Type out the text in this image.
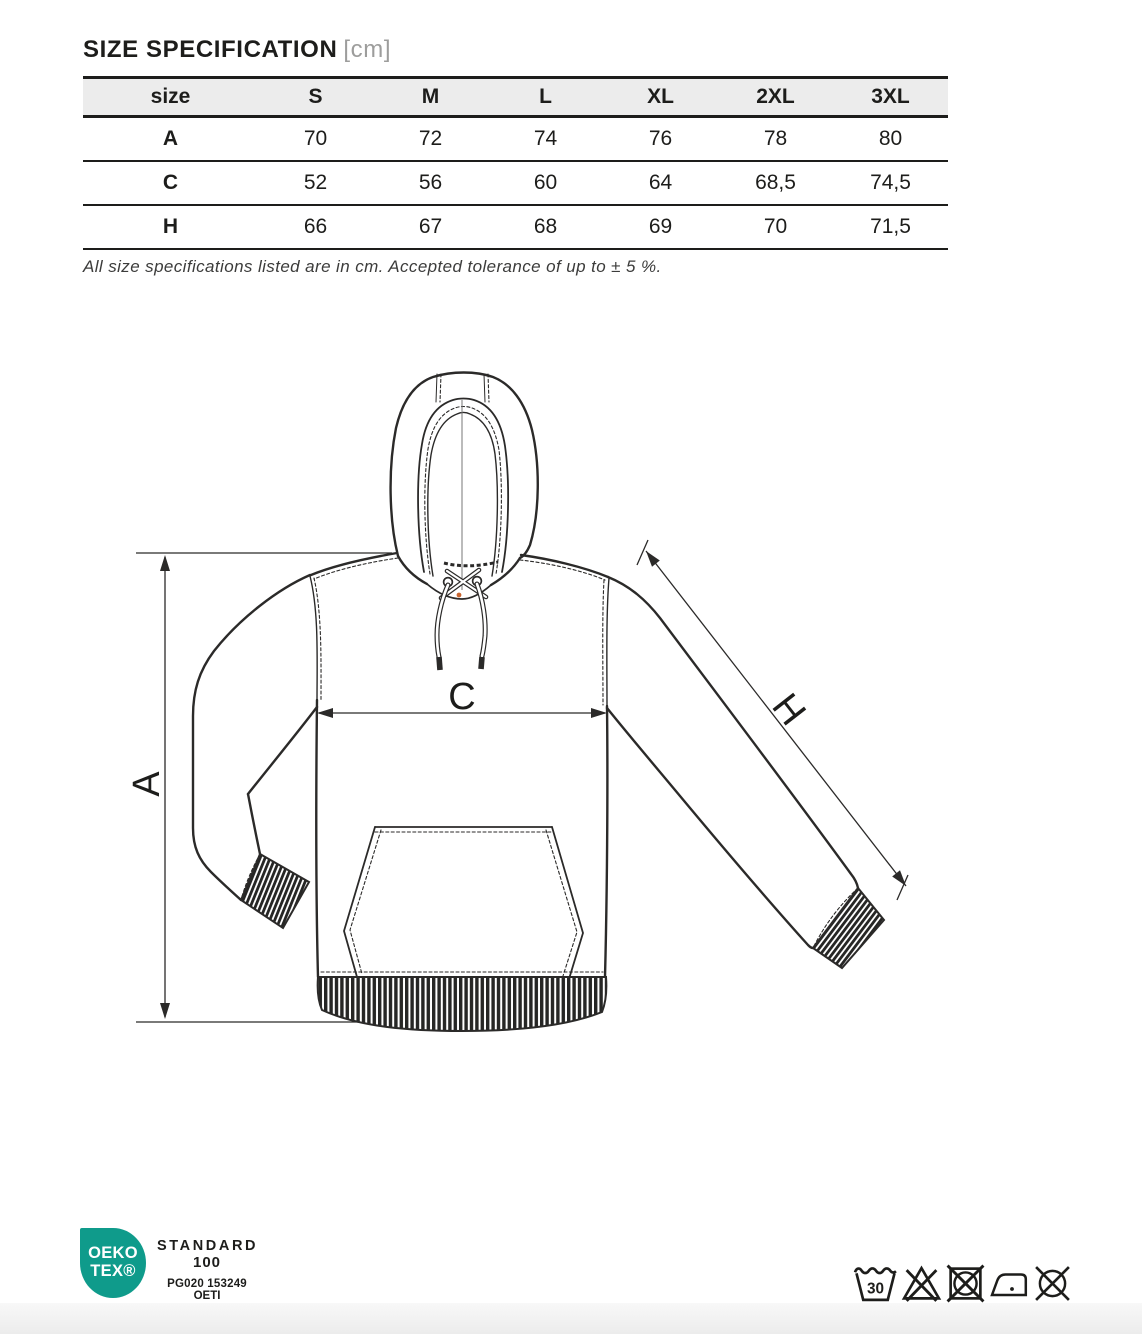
SIZE SPECIFICATION [cm]
size	S	M	L	XL	2XL	3XL
A	70	72	74	76	78	80
C	52	56	60	64	68,5	74,5
H	66	67	68	69	70	71,5
All size specifications listed are in cm. Accepted tolerance of up to ± 5 %.
A
C	H
OEKO
TEX®
STANDARD
100
PG020 153249
OETI	30
